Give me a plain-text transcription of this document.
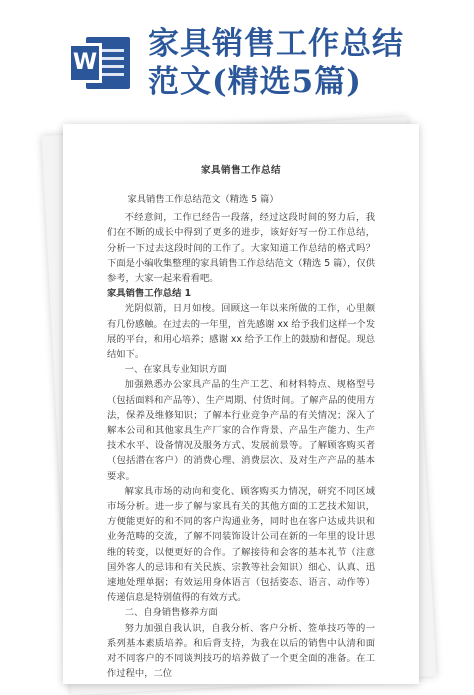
W
家具销售工作总结
范文(精选5篇)
家具销售工作总结

家具销售工作总结范文（精选 5 篇）

不经意间，工作已经告一段落，经过这段时间的努力后，我们在不断的成长中得到了更多的进步，该好好写一份工作总结，分析一下过去这段时间的工作了。大家知道工作总结的格式吗？下面是小编收集整理的家具销售工作总结范文（精选 5 篇），仅供参考，大家一起来看看吧。

家具销售工作总结 1

光阴似箭，日月如梭。回顾这一年以来所做的工作，心里颇有几份感触。在过去的一年里，首先感谢 xx 给予我们这样一个发展的平台，和用心培养；感谢 xx 给予工作上的鼓励和督促。现总结如下。

一、在家具专业知识方面

加强熟悉办公家具产品的生产工艺、和材料特点、规格型号（包括面料和产品等）、生产周期、付货时间。了解产品的使用方法，保养及维修知识；了解本行业竞争产品的有关情况；深入了解本公司和其他家具生产厂家的合作背景、产品生产能力、生产技术水平、设备情况及服务方式、发展前景等。了解顾客购买者（包括潜在客户）的消费心理、消费层次、及对生产产品的基本要求。

解家具市场的动向和变化、顾客购买力情况，研究不同区域市场分析。进一步了解与家具有关的其他方面的工艺技术知识，方便能更好的和不同的客户沟通业务，同时也在客户达成共识和业务范畴的交流，了解不同装饰设计公司在新的一年里的设计思维的转变，以便更好的合作。了解接待和会客的基本礼节（注意国外客人的忌讳和有关民族、宗教等社会知识）细心、认真、迅速地处理单据；有效运用身体语言（包括姿态、语言、动作等）传递信息是特别值得的有效方式。

二、自身销售修养方面

努力加强自我认识，自我分析、客户分析、签单技巧等的一系列基本素质培养。和后背支持，为我在以后的销售中认清和面对不同客户的不同谈判技巧的培养做了一个更全面的准备。在工作过程中，二位
